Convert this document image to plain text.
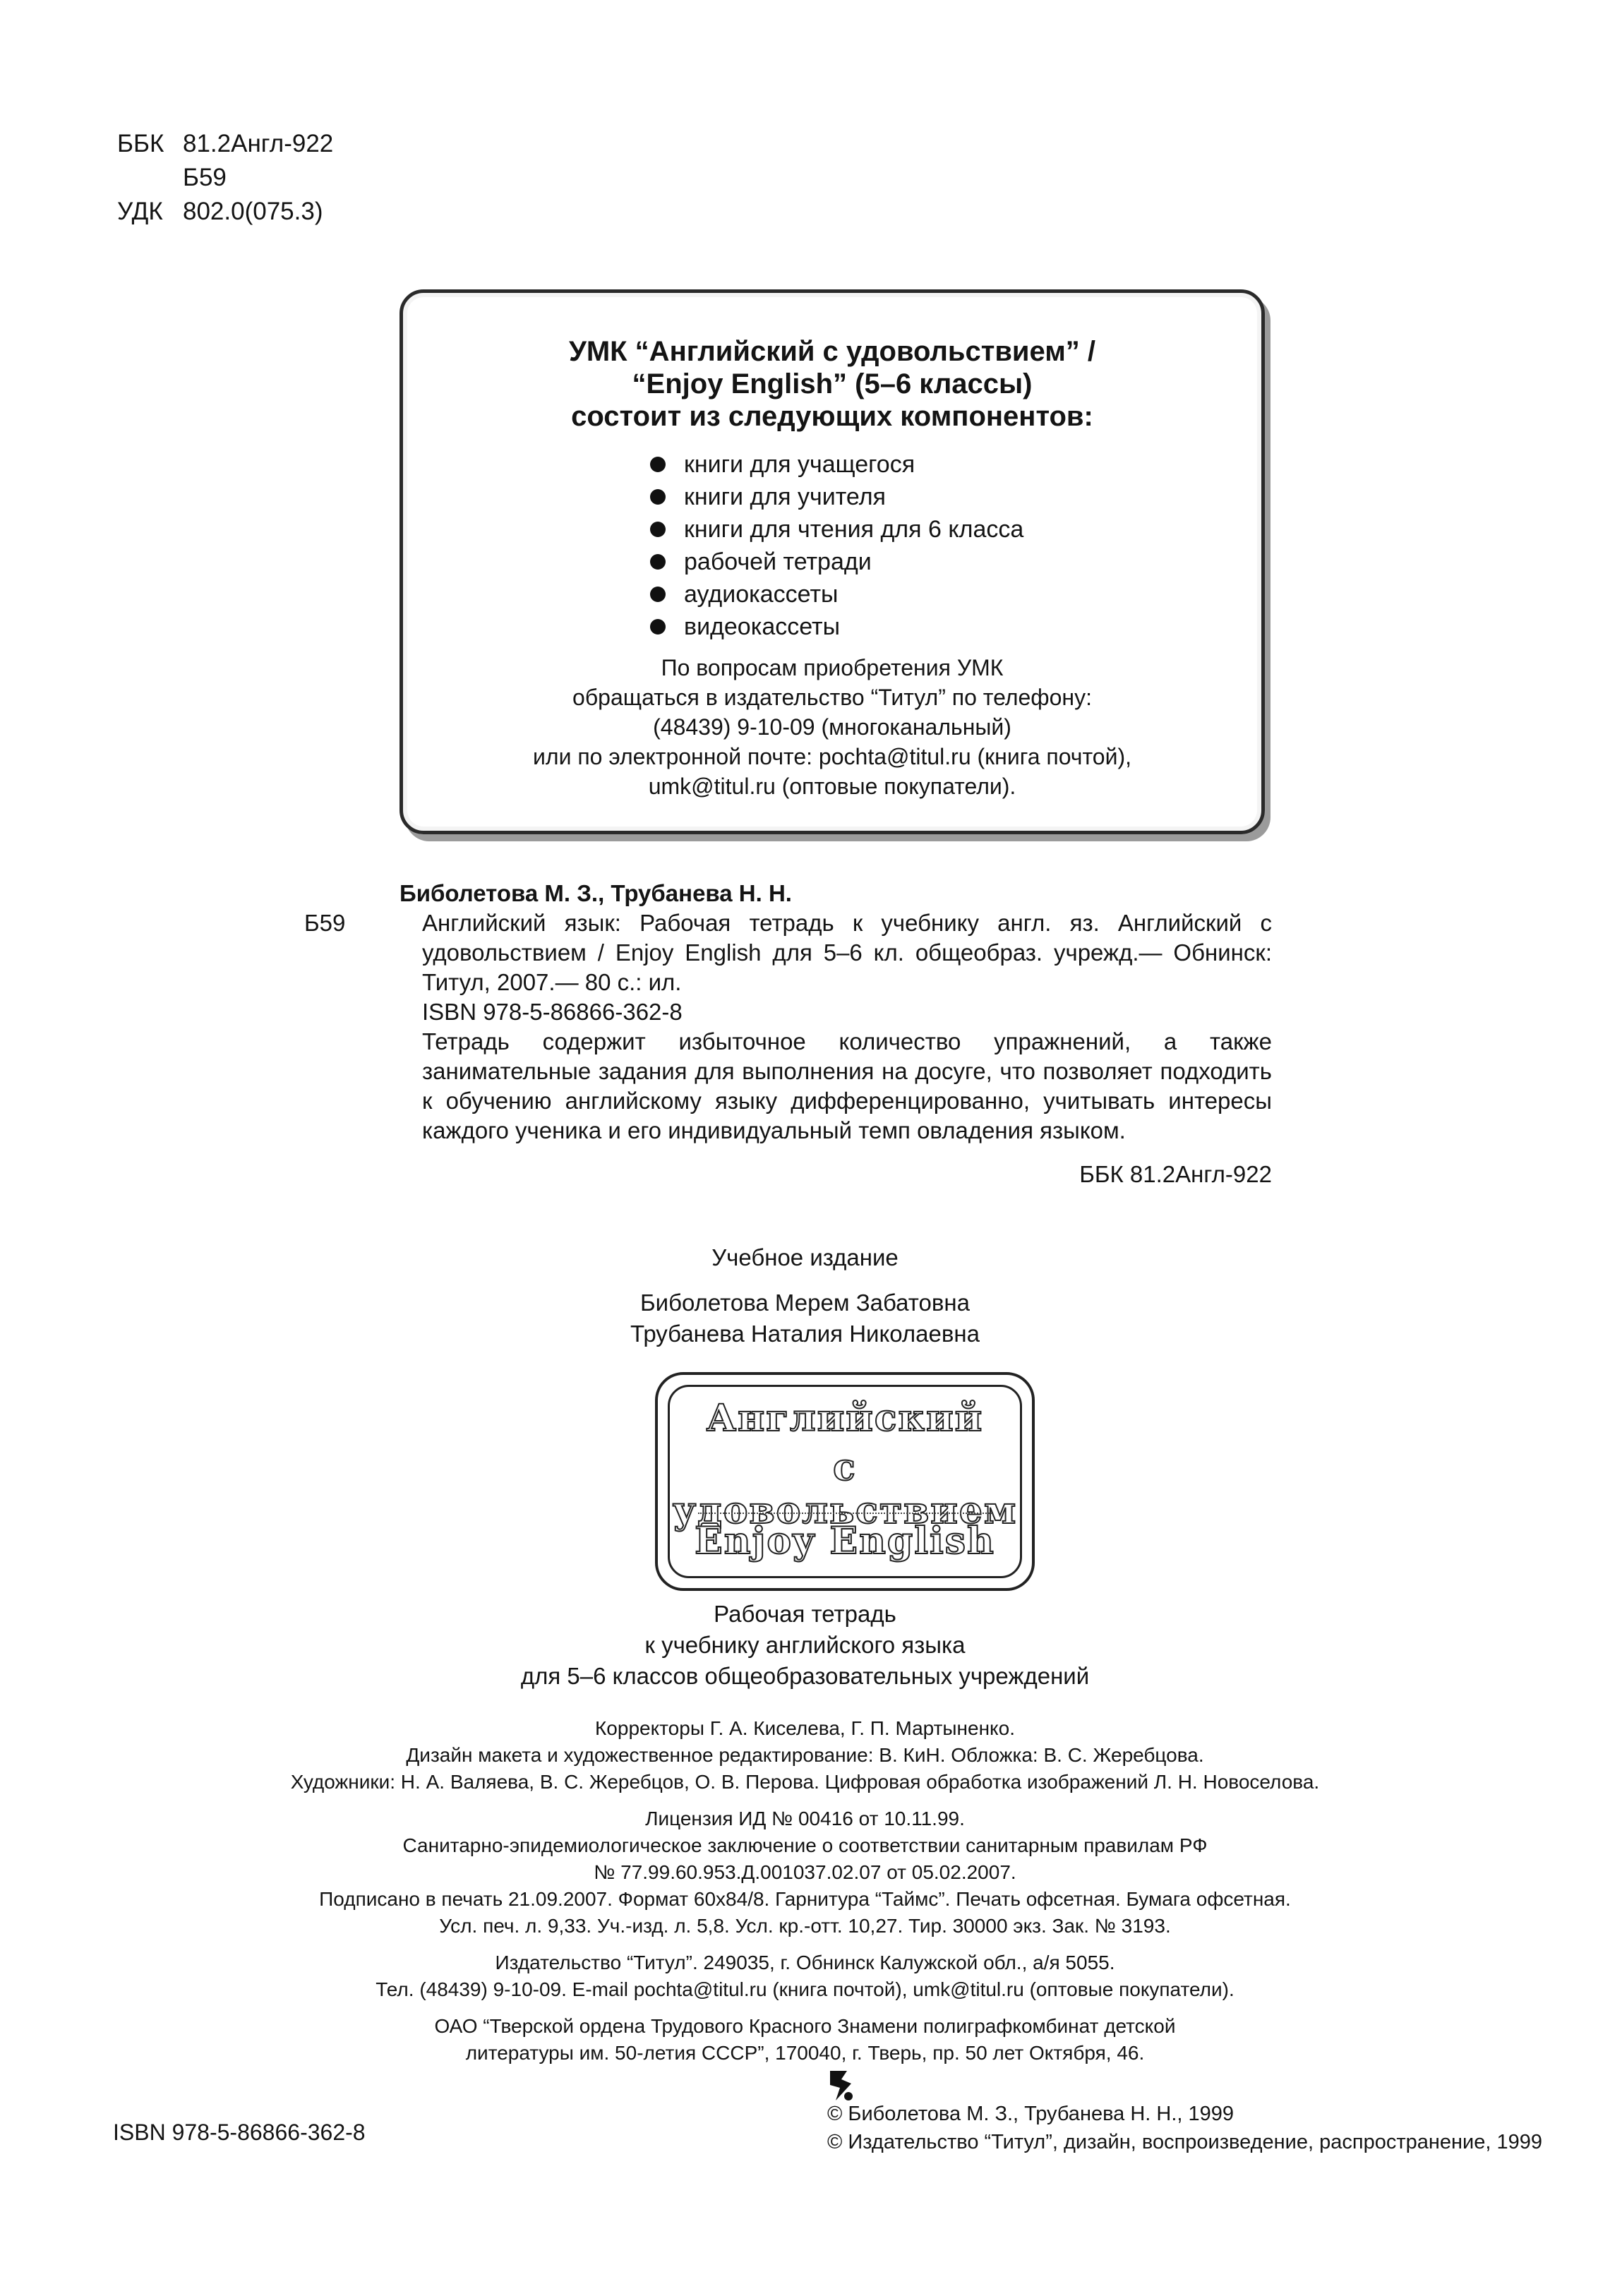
ББК 81.2Англ-922
Б59
УДК 802.0(075.3)
УМК “Английский с удовольствием” /
“Enjoy English” (5–6 классы)
состоит из следующих компонентов:
книги для учащегося
книги для учителя
книги для чтения для 6 класса
рабочей тетради
аудиокассеты
видеокассеты
По вопросам приобретения УМК
обращаться в издательство “Титул” по телефону:
(48439) 9-10-09 (многоканальный)
или по электронной почте: pochta@titul.ru (книга почтой),
umk@titul.ru (оптовые покупатели).
Б59
Биболетова М. З., Трубанева Н. Н.
Английский язык: Рабочая тетрадь к учебнику англ. яз. Английский с удовольствием / Enjoy English для 5–6 кл. общеобраз. учрежд.— Обнинск: Титул, 2007.— 80 с.: ил.
ISBN 978-5-86866-362-8
Тетрадь содержит избыточное количество упражнений, а также занимательные задания для выполнения на досуге, что позволяет подходить к обучению английскому языку дифференцированно, учитывать интересы каждого ученика и его индивидуальный темп овладения языком.
ББК 81.2Англ-922
Учебное издание
Биболетова Мерем Забатовна
Трубанева Наталия Николаевна
Английский
с удовольствием
Enjoy English
Рабочая тетрадь
к учебнику английского языка
для 5–6 классов общеобразовательных учреждений
Корректоры Г. А. Киселева, Г. П. Мартыненко.
Дизайн макета и художественное редактирование: В. КиН. Обложка: В. С. Жеребцова.
Художники: Н. А. Валяева, В. С. Жеребцов, О. В. Перова. Цифровая обработка изображений Л. Н. Новоселова.
Лицензия ИД № 00416 от 10.11.99.
Санитарно-эпидемиологическое заключение о соответствии санитарным правилам РФ
№ 77.99.60.953.Д.001037.02.07 от 05.02.2007.
Подписано в печать 21.09.2007. Формат 60х84/8. Гарнитура “Таймс”. Печать офсетная. Бумага офсетная.
Усл. печ. л. 9,33. Уч.-изд. л. 5,8. Усл. кр.-отт. 10,27. Тир. 30000 экз. Зак. № 3193.
Издательство “Титул”. 249035, г. Обнинск Калужской обл., а/я 5055.
Тел. (48439) 9-10-09. E-mail pochta@titul.ru (книга почтой), umk@titul.ru (оптовые покупатели).
ОАО “Тверской ордена Трудового Красного Знамени полиграфкомбинат детской
литературы им. 50-летия СССР”, 170040, г. Тверь, пр. 50 лет Октября, 46.
© Биболетова М. З., Трубанева Н. Н., 1999
© Издательство “Титул”, дизайн, воспроизведение, распространение, 1999
ISBN 978-5-86866-362-8
